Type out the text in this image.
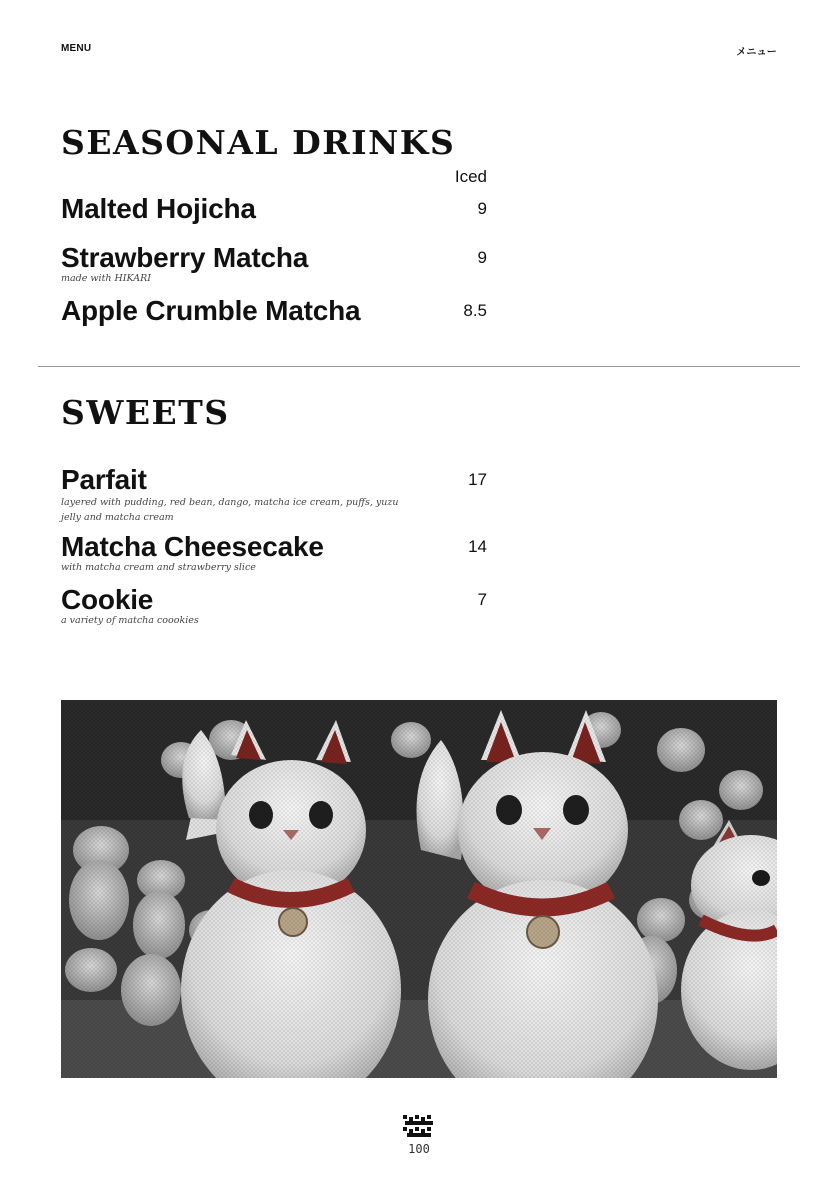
MENU	メニュー
SEASONAL DRINKS
Iced
Malted Hojicha	9
Strawberry Matcha	9
made with HIKARI
Apple Crumble Matcha	8.5
SWEETS
Parfait	17
layered with pudding, red bean, dango, matcha ice cream, puffs, yuzu jelly and matcha cream
Matcha Cheesecake	14
with matcha cream and strawberry slice
Cookie	7
a variety of matcha coookies
100
